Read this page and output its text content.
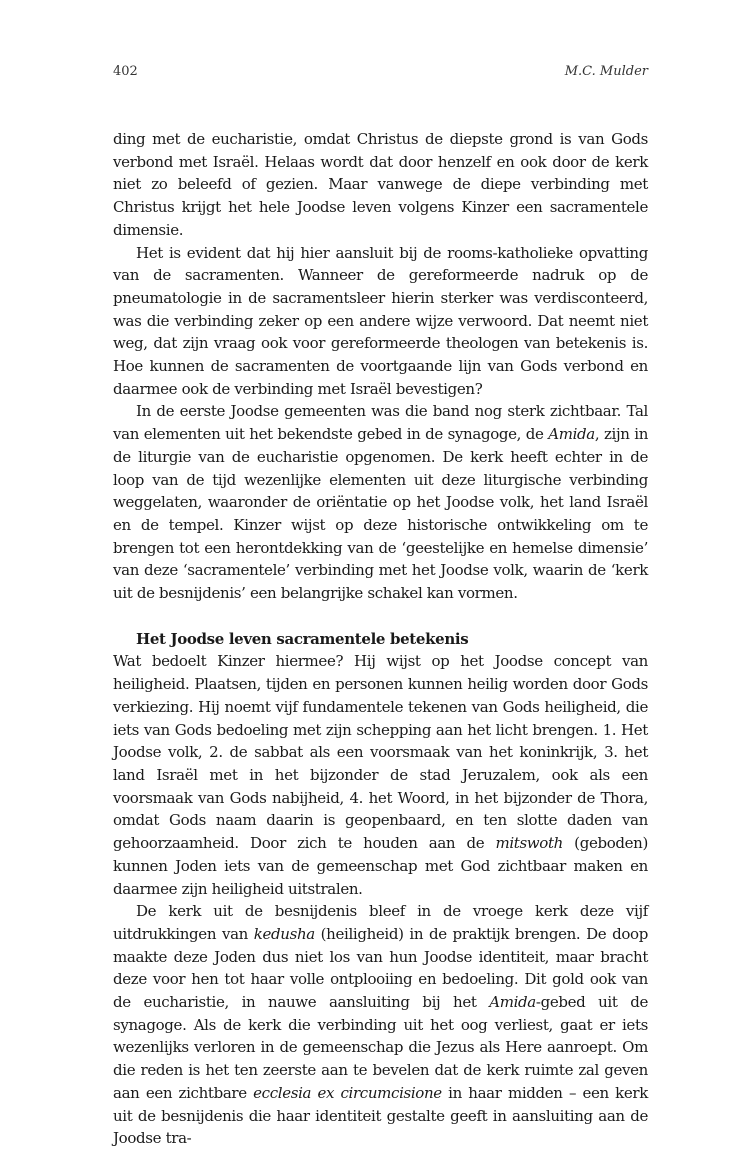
402	M.C. Mulder

ding met de eucharistie, omdat Christus de diepste grond is van Gods verbond met Israël. Helaas wordt dat door henzelf en ook door de kerk niet zo beleefd of gezien. Maar vanwege de diepe verbinding met Christus krijgt het hele Joodse leven volgens Kinzer een sacramentele dimensie.

Het is evident dat hij hier aansluit bij de rooms-katholieke opvatting van de sacramenten. Wanneer de gereformeerde nadruk op de pneumatologie in de sacramentsleer hierin sterker was verdisconteerd, was die verbinding zeker op een andere wijze verwoord. Dat neemt niet weg, dat zijn vraag ook voor gereformeerde theologen van betekenis is. Hoe kunnen de sacramenten de voortgaande lijn van Gods verbond en daarmee ook de verbinding met Israël bevestigen?

In de eerste Joodse gemeenten was die band nog sterk zichtbaar. Tal van elementen uit het bekendste gebed in de synagoge, de Amida, zijn in de liturgie van de eucharistie opgenomen. De kerk heeft echter in de loop van de tijd wezenlijke elementen uit deze liturgische verbinding weggelaten, waaronder de oriëntatie op het Joodse volk, het land Israël en de tempel. Kinzer wijst op deze historische ontwikkeling om te brengen tot een herontdekking van de ‘geestelijke en hemelse dimensie’ van deze ‘sacramentele’ verbinding met het Joodse volk, waarin de ‘kerk uit de besnijdenis’ een belangrijke schakel kan vormen.

Het Joodse leven sacramentele betekenis

Wat bedoelt Kinzer hiermee? Hij wijst op het Joodse concept van heiligheid. Plaatsen, tijden en personen kunnen heilig worden door Gods verkiezing. Hij noemt vijf fundamentele tekenen van Gods heiligheid, die iets van Gods bedoeling met zijn schepping aan het licht brengen. 1. Het Joodse volk, 2. de sabbat als een voorsmaak van het koninkrijk, 3. het land Israël met in het bijzonder de stad Jeruzalem, ook als een voorsmaak van Gods nabijheid, 4. het Woord, in het bijzonder de Thora, omdat Gods naam daarin is geopenbaard, en ten slotte daden van gehoorzaamheid. Door zich te houden aan de mitswoth (geboden) kunnen Joden iets van de gemeenschap met God zichtbaar maken en daarmee zijn heiligheid uitstralen.

De kerk uit de besnijdenis bleef in de vroege kerk deze vijf uitdrukkingen van kedusha (heiligheid) in de praktijk brengen. De doop maakte deze Joden dus niet los van hun Joodse identiteit, maar bracht deze voor hen tot haar volle ontplooiing en bedoeling. Dit gold ook van de eucharistie, in nauwe aansluiting bij het Amida-gebed uit de synagoge. Als de kerk die verbinding uit het oog verliest, gaat er iets wezenlijks verloren in de gemeenschap die Jezus als Here aanroept. Om die reden is het ten zeerste aan te bevelen dat de kerk ruimte zal geven aan een zichtbare ecclesia ex circumcisione in haar midden – een kerk uit de besnijdenis die haar identiteit gestalte geeft in aansluiting aan de Joodse tra-
